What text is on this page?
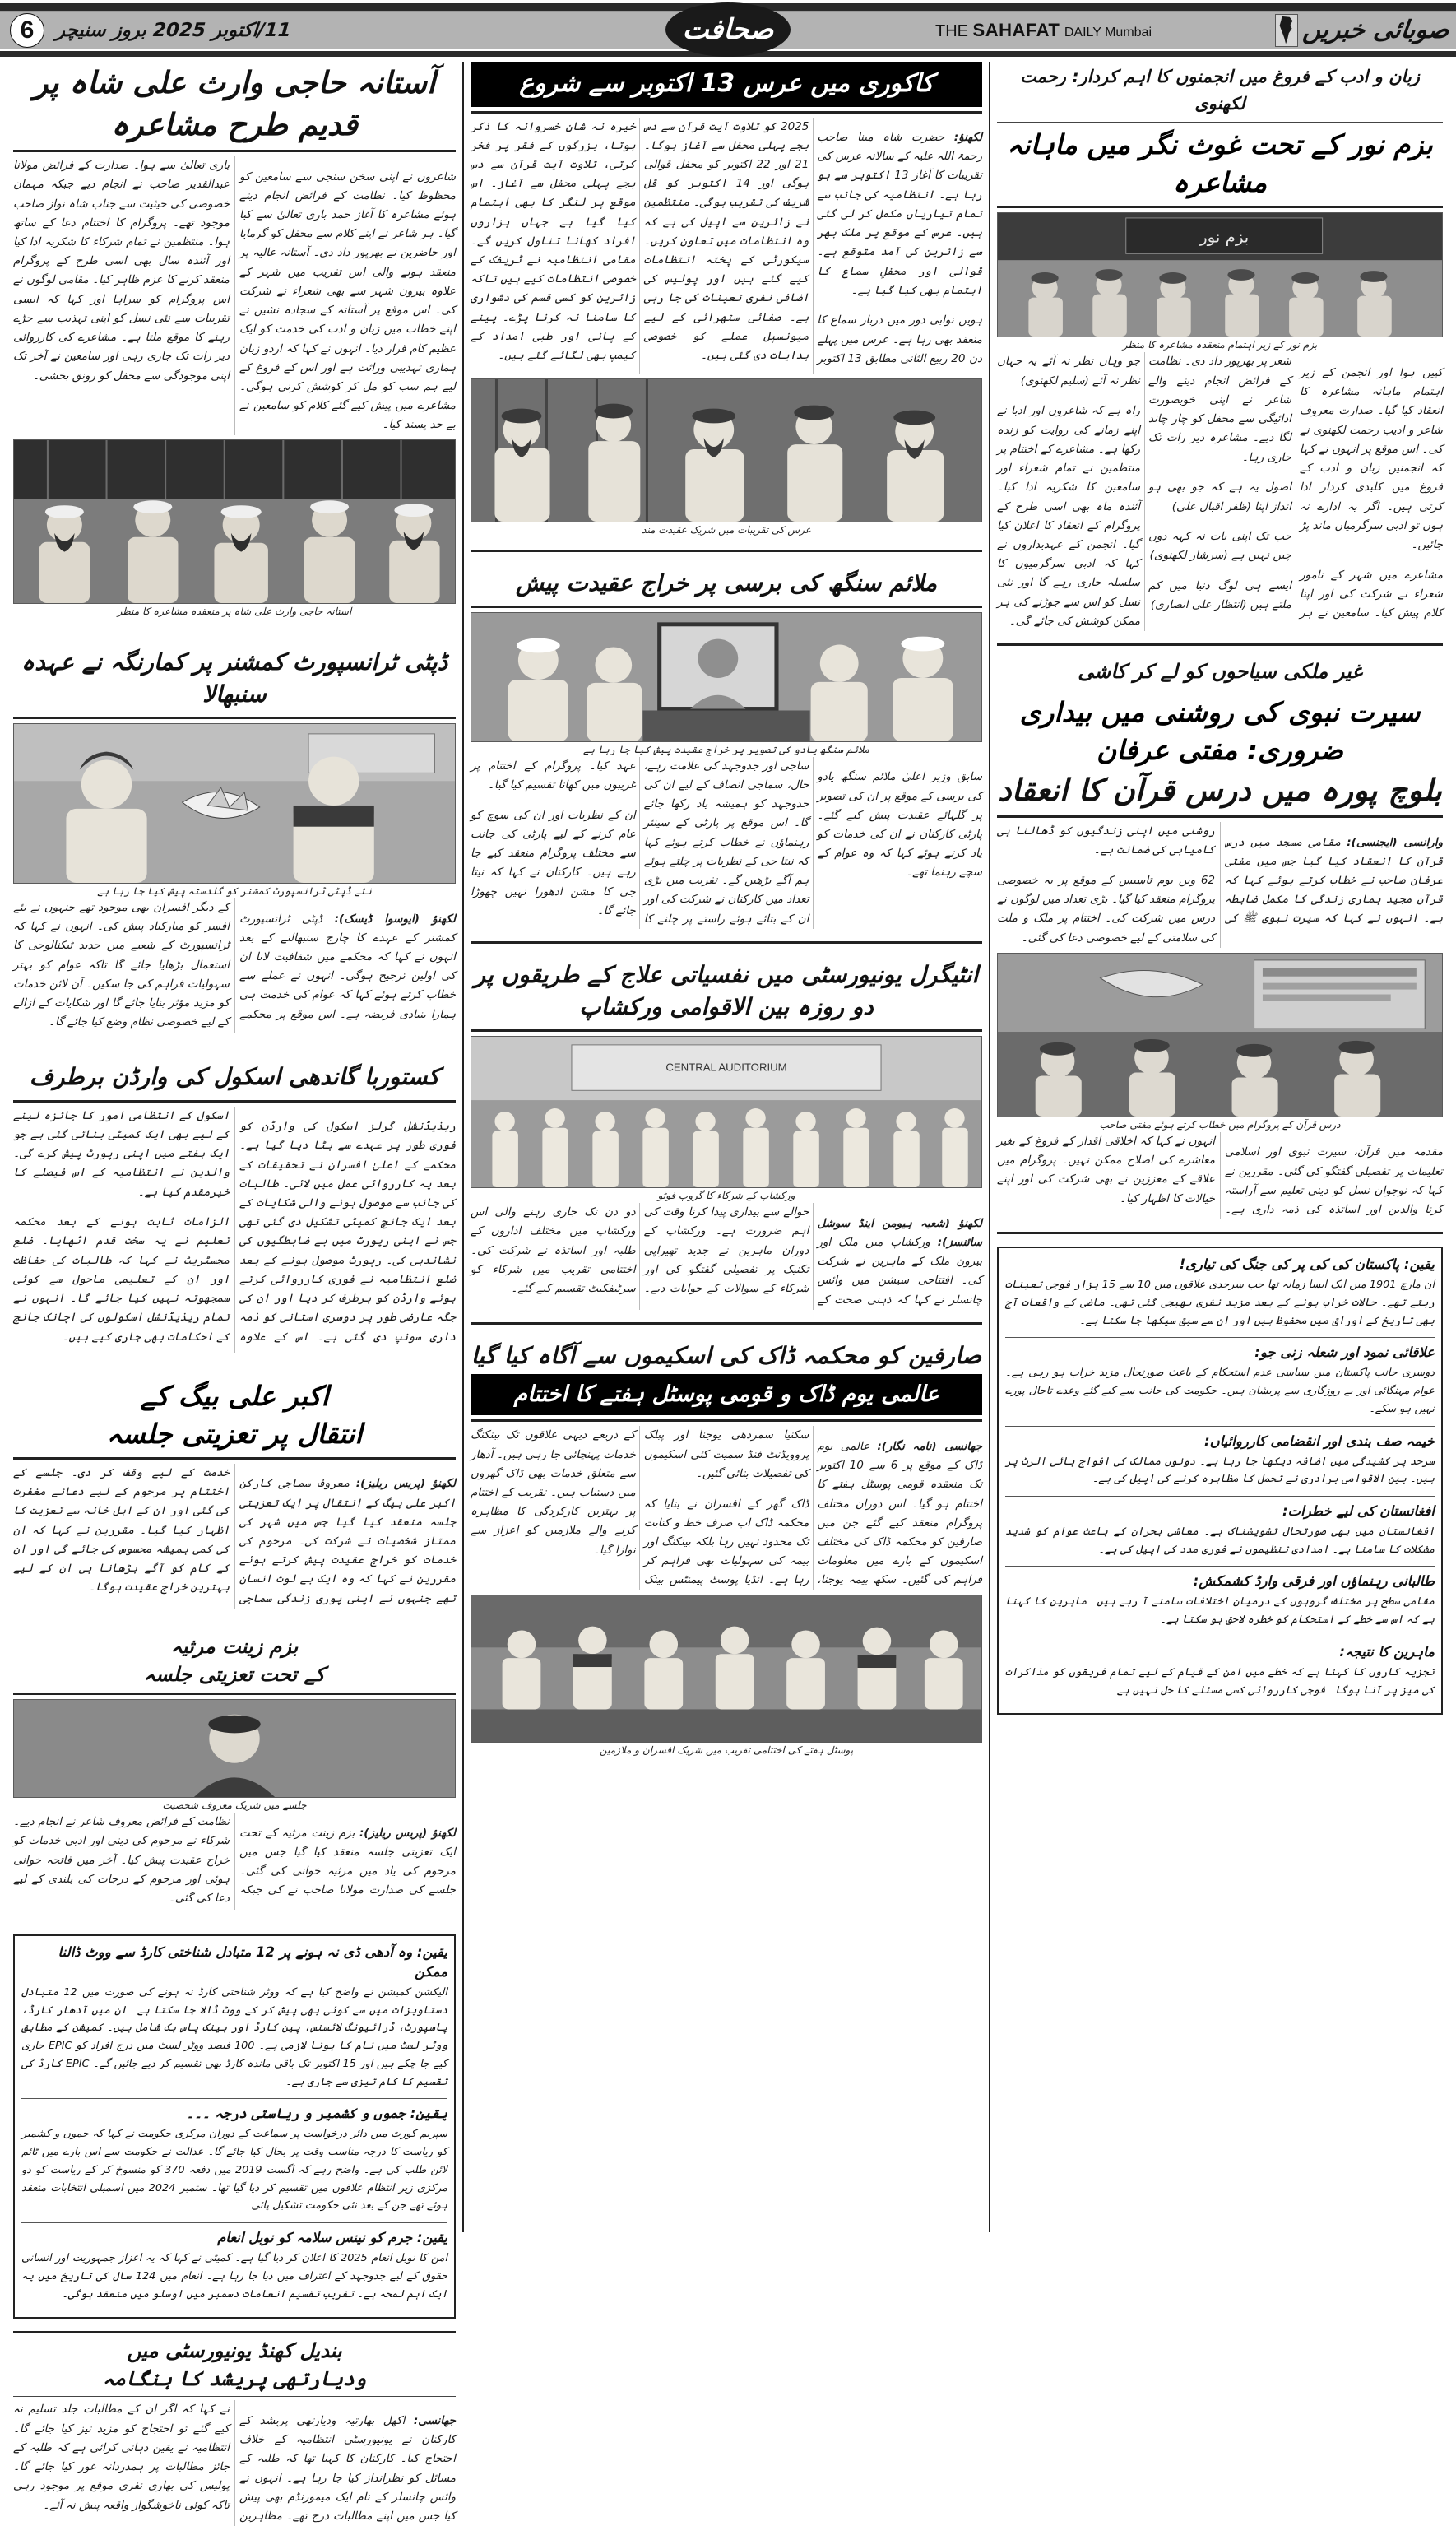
صوبائی خبریں
THE SAHAFAT DAILY Mumbai
صحافت
11/اکتوبر 2025 بروز سنیچر
6
زبان و ادب کے فروغ میں انجمنوں کا اہم کردار: رحمت لکھنوی
بزم نور کے تحت غوث نگر میں ماہانہ مشاعرہ
بزم نور
بزم نور کے زیر اہتمام منعقدہ مشاعرہ کا منظر

کپیں ہوا اور انجمن کے زیر اہتمام ماہانہ مشاعرہ کا انعقاد کیا گیا۔ صدارت معروف شاعر و ادیب رحمت لکھنوی نے کی۔ اس موقع پر انہوں نے کہا کہ انجمنیں زبان و ادب کے فروغ میں کلیدی کردار ادا کرتی ہیں۔ اگر یہ ادارے نہ ہوں تو ادبی سرگرمیاں ماند پڑ جائیں۔

مشاعرے میں شہر کے نامور شعراء نے شرکت کی اور اپنا کلام پیش کیا۔ سامعین نے ہر شعر پر بھرپور داد دی۔ نظامت کے فرائض انجام دینے والے شاعر نے اپنی خوبصورت ادائیگی سے محفل کو چار چاند لگا دیے۔ مشاعرہ دیر رات تک جاری رہا۔

اصول یہ ہے کہ جو بھی ہو انداز اپنا (ظفر اقبال علی)

جب تک اپنی بات نہ کہہ دوں چین نہیں ہے (سرشار لکھنوی)

ایسے ہی لوگ دنیا میں کم ملتے ہیں (انتظار علی انصاری)

جو وہاں نظر نہ آئے یہ جہاں نظر نہ آئے (سلیم لکھنوی)

راہ ہے کہ شاعروں اور ادبا نے اپنے زمانے کی روایت کو زندہ رکھا ہے۔ مشاعرے کے اختتام پر منتظمین نے تمام شعراء اور سامعین کا شکریہ ادا کیا۔ آئندہ ماہ بھی اسی طرح کے پروگرام کے انعقاد کا اعلان کیا گیا۔ انجمن کے عہدیداروں نے کہا کہ ادبی سرگرمیوں کا سلسلہ جاری رہے گا اور نئی نسل کو اس سے جوڑنے کی ہر ممکن کوشش کی جائے گی۔

غیر ملکی سیاحوں کو لے کر کاشی
سیرت نبوی کی روشنی میں بیداری ضروری: مفتی عرفان
بلوچ پورہ میں درس قرآن کا انعقاد

وارانسی (ایجنسی): مقامی مسجد میں درس قرآن کا انعقاد کیا گیا جس میں مفتی عرفان صاحب نے خطاب کرتے ہوئے کہا کہ قرآن مجید ہماری زندگی کا مکمل ضابطہ ہے۔ انہوں نے کہا کہ سیرت نبوی ﷺ کی روشنی میں اپنی زندگیوں کو ڈھالنا ہی کامیابی کی ضمانت ہے۔

62 ویں یوم تاسیس کے موقع پر یہ خصوصی پروگرام منعقد کیا گیا۔ بڑی تعداد میں لوگوں نے درس میں شرکت کی۔ اختتام پر ملک و ملت کی سلامتی کے لیے خصوصی دعا کی گئی۔

درس قرآن کے پروگرام میں خطاب کرتے ہوئے مفتی صاحب

مقدمہ میں قرآن، سیرت نبوی اور اسلامی تعلیمات پر تفصیلی گفتگو کی گئی۔ مقررین نے کہا کہ نوجوان نسل کو دینی تعلیم سے آراستہ کرنا والدین اور اساتذہ کی ذمہ داری ہے۔ انہوں نے کہا کہ اخلاقی اقدار کے فروغ کے بغیر معاشرے کی اصلاح ممکن نہیں۔ پروگرام میں علاقے کے معززین نے بھی شرکت کی اور اپنے خیالات کا اظہار کیا۔

یقین: پاکستان کی کی پر کی جنگ کی تیاری!
ان مارچ 1901 میں ایک ایسا زمانہ تھا جب سرحدی علاقوں میں 10 سے 15 ہزار فوجی تعینات رہتے تھے۔ حالات خراب ہونے کے بعد مزید نفری بھیجی گئی تھی۔ ماضی کے واقعات آج بھی تاریخ کے اوراق میں محفوظ ہیں اور ان سے سبق سیکھا جا سکتا ہے۔
علاقائی نمود اور شعلہ زنی جو:
دوسری جانب پاکستان میں سیاسی عدم استحکام کے باعث صورتحال مزید خراب ہو رہی ہے۔ عوام مہنگائی اور بے روزگاری سے پریشان ہیں۔ حکومت کی جانب سے کیے گئے وعدے تاحال پورے نہیں ہو سکے۔
خیمہ صف بندی اور انقضامی کارروائیاں:
سرحد پر کشیدگی میں اضافہ دیکھا جا رہا ہے۔ دونوں ممالک کی افواج ہائی الرٹ پر ہیں۔ بین الاقوامی برادری نے تحمل کا مظاہرہ کرنے کی اپیل کی ہے۔
افغانستان کی لیے خطرات:
افغانستان میں بھی صورتحال تشویشناک ہے۔ معاشی بحران کے باعث عوام کو شدید مشکلات کا سامنا ہے۔ امدادی تنظیموں نے فوری مدد کی اپیل کی ہے۔
طالبانی رہنماؤں اور فرقی وارڈ کشمکش:
مقامی سطح پر مختلف گروہوں کے درمیان اختلافات سامنے آ رہے ہیں۔ ماہرین کا کہنا ہے کہ اس سے خطے کے استحکام کو خطرہ لاحق ہو سکتا ہے۔
ماہرین کا نتیجہ:
تجزیہ کاروں کا کہنا ہے کہ خطے میں امن کے قیام کے لیے تمام فریقوں کو مذاکرات کی میز پر آنا ہوگا۔ فوجی کارروائی کسی مسئلے کا حل نہیں ہے۔
کاکوری میں عرس 13 اکتوبر سے شروع

لکھنؤ: حضرت شاہ مینا صاحب رحمۃ اللہ علیہ کے سالانہ عرس کی تقریبات کا آغاز 13 اکتوبر سے ہو رہا ہے۔ انتظامیہ کی جانب سے تمام تیاریاں مکمل کر لی گئی ہیں۔ عرس کے موقع پر ملک بھر سے زائرین کی آمد متوقع ہے۔ قوالی اور محفلِ سماع کا اہتمام بھی کیا گیا ہے۔

ہویں نوابی دور میں دربار سماع کا منعقد بھی رہا ہے۔ عرس میں پہلے دن 20 ربیع الثانی مطابق 13 اکتوبر 2025 کو تلاوت آیت قرآن سے دس بجے پہلی محفل سے آغاز ہوگا۔ 21 اور 22 اکتوبر کو محفل قوالی ہوگی اور 14 اکتوبر کو قل شریف کی تقریب ہوگی۔ منتظمین نے زائرین سے اپیل کی ہے کہ وہ انتظامات میں تعاون کریں۔ سیکورٹی کے پختہ انتظامات کیے گئے ہیں اور پولیس کی اضافی نفری تعینات کی جا رہی ہے۔ صفائی ستھرائی کے لیے میونسپل عملے کو خصوصی ہدایات دی گئی ہیں۔

خیرہ نہ شانِ خسروانہ کا ذکر ہوتا، بزرگوں کے فقر پر فخر کرتی، تلاوت آیت قرآن سے دس بجے پہلی محفل سے آغاز۔ اس موقع پر لنگر کا بھی اہتمام کیا گیا ہے جہاں ہزاروں افراد کھانا تناول کریں گے۔ مقامی انتظامیہ نے ٹریفک کے خصوصی انتظامات کیے ہیں تاکہ زائرین کو کسی قسم کی دشواری کا سامنا نہ کرنا پڑے۔ پینے کے پانی اور طبی امداد کے کیمپ بھی لگائے گئے ہیں۔

عرس کی تقریبات میں شریک عقیدت مند
ملائم سنگھ کی برسی پر خراج عقیدت پیش
ملائم سنگھ یادو کی تصویر پر خراج عقیدت پیش کیا جا رہا ہے

سابق وزیر اعلیٰ ملائم سنگھ یادو کی برسی کے موقع پر ان کی تصویر پر گلہائے عقیدت پیش کیے گئے۔ پارٹی کارکنان نے ان کی خدمات کو یاد کرتے ہوئے کہا کہ وہ عوام کے سچے رہنما تھے۔

ساجی اور جدوجہد کی علامت رہے، حال، سماجی انصاف کے لیے ان کی جدوجہد کو ہمیشہ یاد رکھا جائے گا۔ اس موقع پر پارٹی کے سینئر رہنماؤں نے خطاب کرتے ہوئے کہا کہ نیتا جی کے نظریات پر چلتے ہوئے ہم آگے بڑھیں گے۔ تقریب میں بڑی تعداد میں کارکنان نے شرکت کی اور ان کے بتائے ہوئے راستے پر چلنے کا عہد کیا۔ پروگرام کے اختتام پر غریبوں میں کھانا تقسیم کیا گیا۔

ان کے نظریات اور ان کی سوچ کو عام کرنے کے لیے پارٹی کی جانب سے مختلف پروگرام منعقد کیے جا رہے ہیں۔ کارکنان نے کہا کہ نیتا جی کا مشن ادھورا نہیں چھوڑا جائے گا۔

انٹیگرل یونیورسٹی میں نفسیاتی علاج کے طریقوں پر دو روزہ بین الاقوامی ورکشاپ
CENTRAL AUDITORIUM
ورکشاپ کے شرکاء کا گروپ فوٹو

لکھنؤ (شعبہ ہیومن اینڈ سوشل سائنسز): ورکشاپ میں ملک اور بیرون ملک کے ماہرین نے شرکت کی۔ افتتاحی سیشن میں وائس چانسلر نے کہا کہ ذہنی صحت کے حوالے سے بیداری پیدا کرنا وقت کی اہم ضرورت ہے۔ ورکشاپ کے دوران ماہرین نے جدید تھیراپی تکنیک پر تفصیلی گفتگو کی اور شرکاء کے سوالات کے جوابات دیے۔ دو دن تک جاری رہنے والی اس ورکشاپ میں مختلف اداروں کے طلبہ اور اساتذہ نے شرکت کی۔ اختتامی تقریب میں شرکاء کو سرٹیفکیٹ تقسیم کیے گئے۔

صارفین کو محکمہ ڈاک کی اسکیموں سے آگاہ کیا گیا
عالمی یوم ڈاک و قومی پوسٹل ہفتے کا اختتام

جھانسی (نامہ نگار): عالمی یوم ڈاک کے موقع پر 6 سے 10 اکتوبر تک منعقدہ قومی پوسٹل ہفتے کا اختتام ہو گیا۔ اس دوران مختلف پروگرام منعقد کیے گئے جن میں صارفین کو محکمہ ڈاک کی مختلف اسکیموں کے بارے میں معلومات فراہم کی گئیں۔ سکھ بیمہ یوجنا، سکنیا سمردھی یوجنا اور پبلک پروویڈنٹ فنڈ سمیت کئی اسکیموں کی تفصیلات بتائی گئیں۔

ڈاک گھر کے افسران نے بتایا کہ محکمہ ڈاک اب صرف خط و کتابت تک محدود نہیں رہا بلکہ بینکنگ اور بیمہ کی سہولیات بھی فراہم کر رہا ہے۔ انڈیا پوسٹ پیمنٹس بینک کے ذریعے دیہی علاقوں تک بینکنگ خدمات پہنچائی جا رہی ہیں۔ آدھار سے متعلق خدمات بھی ڈاک گھروں میں دستیاب ہیں۔ تقریب کے اختتام پر بہترین کارکردگی کا مظاہرہ کرنے والے ملازمین کو اعزاز سے نوازا گیا۔

پوسٹل ہفتے کی اختتامی تقریب میں شریک افسران و ملازمین
آستانہ حاجی وارث علی شاہ پر قدیم طرح مشاعرہ

شاعروں نے اپنی سخن سنجی سے سامعین کو محظوظ کیا۔ نظامت کے فرائض انجام دیتے ہوئے مشاعرہ کا آغاز حمد باری تعالیٰ سے کیا گیا۔ ہر شاعر نے اپنے کلام سے محفل کو گرمایا اور حاضرین نے بھرپور داد دی۔ آستانہ عالیہ پر منعقد ہونے والی اس تقریب میں شہر کے علاوہ بیرون شہر سے بھی شعراء نے شرکت کی۔ اس موقع پر آستانہ کے سجادہ نشیں نے اپنے خطاب میں زبان و ادب کی خدمت کو ایک عظیم کام قرار دیا۔ انہوں نے کہا کہ اردو زبان ہماری تہذیبی وراثت ہے اور اس کے فروغ کے لیے ہم سب کو مل کر کوشش کرنی ہوگی۔ مشاعرے میں پیش کیے گئے کلام کو سامعین نے بے حد پسند کیا۔

باری تعالیٰ سے ہوا۔ صدارت کے فرائض مولانا عبدالقدیر صاحب نے انجام دیے جبکہ مہمان خصوصی کی حیثیت سے جناب شاہ نواز صاحب موجود تھے۔ پروگرام کا اختتام دعا کے ساتھ ہوا۔ منتظمین نے تمام شرکاء کا شکریہ ادا کیا اور آئندہ سال بھی اسی طرح کے پروگرام منعقد کرنے کا عزم ظاہر کیا۔ مقامی لوگوں نے اس پروگرام کو سراہا اور کہا کہ ایسی تقریبات سے نئی نسل کو اپنی تہذیب سے جڑے رہنے کا موقع ملتا ہے۔ مشاعرے کی کارروائی دیر رات تک جاری رہی اور سامعین نے آخر تک اپنی موجودگی سے محفل کو رونق بخشی۔

آستانہ حاجی وارث علی شاہ پر منعقدہ مشاعرہ کا منظر
ڈپٹی ٹرانسپورٹ کمشنر پر کمارنگہ نے عہدہ سنبھالا
نئے ڈپٹی ٹرانسپورٹ کمشنر کو گلدستہ پیش کیا جا رہا ہے

لکھنؤ (ایوسوا ڈیسک): ڈپٹی ٹرانسپورٹ کمشنر کے عہدے کا چارج سنبھالنے کے بعد انہوں نے کہا کہ محکمے میں شفافیت لانا ان کی اولین ترجیح ہوگی۔ انہوں نے عملے سے خطاب کرتے ہوئے کہا کہ عوام کی خدمت ہی ہمارا بنیادی فریضہ ہے۔ اس موقع پر محکمے کے دیگر افسران بھی موجود تھے جنہوں نے نئے افسر کو مبارکباد پیش کی۔ انہوں نے کہا کہ ٹرانسپورٹ کے شعبے میں جدید ٹیکنالوجی کا استعمال بڑھایا جائے گا تاکہ عوام کو بہتر سہولیات فراہم کی جا سکیں۔ آن لائن خدمات کو مزید مؤثر بنایا جائے گا اور شکایات کے ازالے کے لیے خصوصی نظام وضع کیا جائے گا۔

کستوربا گاندھی اسکول کی وارڈن برطرف

ریذیڈنشل گرلز اسکول کی وارڈن کو فوری طور پر عہدے سے ہٹا دیا گیا ہے۔ محکمے کے اعلیٰ افسران نے تحقیقات کے بعد یہ کارروائی عمل میں لائی۔ طالبات کی جانب سے موصول ہونے والی شکایات کے بعد ایک جانچ کمیٹی تشکیل دی گئی تھی جس نے اپنی رپورٹ میں بے ضابطگیوں کی نشاندہی کی۔ رپورٹ موصول ہونے کے بعد ضلع انتظامیہ نے فوری کارروائی کرتے ہوئے وارڈن کو برطرف کر دیا اور ان کی جگہ عارضی طور پر دوسری استانی کو ذمہ داری سونپ دی گئی ہے۔ اس کے علاوہ اسکول کے انتظامی امور کا جائزہ لینے کے لیے بھی ایک کمیٹی بنائی گئی ہے جو ایک ہفتے میں اپنی رپورٹ پیش کرے گی۔ والدین نے انتظامیہ کے اس فیصلے کا خیرمقدم کیا ہے۔

الزامات ثابت ہونے کے بعد محکمہ تعلیم نے یہ سخت قدم اٹھایا۔ ضلع مجسٹریٹ نے کہا کہ طالبات کی حفاظت اور ان کے تعلیمی ماحول سے کوئی سمجھوتہ نہیں کیا جائے گا۔ انہوں نے تمام ریذیڈنشل اسکولوں کی اچانک جانچ کے احکامات بھی جاری کیے ہیں۔

اکبر علی بیگ کے
انتقال پر تعزیتی جلسہ

لکھنؤ (پریس ریلیز): معروف سماجی کارکن اکبر علی بیگ کے انتقال پر ایک تعزیتی جلسہ منعقد کیا گیا جس میں شہر کی ممتاز شخصیات نے شرکت کی۔ مرحوم کی خدمات کو خراج عقیدت پیش کرتے ہوئے مقررین نے کہا کہ وہ ایک بے لوث انسان تھے جنہوں نے اپنی پوری زندگی سماجی خدمت کے لیے وقف کر دی۔ جلسے کے اختتام پر مرحوم کے لیے دعائے مغفرت کی گئی اور ان کے اہل خانہ سے تعزیت کا اظہار کیا گیا۔ مقررین نے کہا کہ ان کی کمی ہمیشہ محسوس کی جائے گی اور ان کے کام کو آگے بڑھانا ہی ان کے لیے بہترین خراج عقیدت ہوگا۔

بزم زینت مرثیہ
کے تحت تعزیتی جلسہ
جلسے میں شریک معروف شخصیت

لکھنؤ (پریس ریلیز): بزم زینت مرثیہ کے تحت ایک تعزیتی جلسہ منعقد کیا گیا جس میں مرحوم کی یاد میں مرثیہ خوانی کی گئی۔ جلسے کی صدارت مولانا صاحب نے کی جبکہ نظامت کے فرائض معروف شاعر نے انجام دیے۔ شرکاء نے مرحوم کی دینی اور ادبی خدمات کو خراج عقیدت پیش کیا۔ آخر میں فاتحہ خوانی ہوئی اور مرحوم کے درجات کی بلندی کے لیے دعا کی گئی۔

یقین: وہ آدھی ڈی نہ ہونے پر 12 متبادل شناختی کارڈ سے ووٹ ڈالنا ممکن
الیکشن کمیشن نے واضح کیا ہے کہ ووٹر شناختی کارڈ نہ ہونے کی صورت میں 12 متبادل دستاویزات میں سے کوئی بھی پیش کر کے ووٹ ڈالا جا سکتا ہے۔ ان میں آدھار کارڈ، پاسپورٹ، ڈرائیونگ لائسنس، پین کارڈ اور بینک پاس بک شامل ہیں۔ کمیشن کے مطابق ووٹر لسٹ میں نام کا ہونا لازمی ہے۔ 100 فیصد ووٹر لسٹ میں درج افراد کو EPIC جاری کیے جا چکے ہیں اور 15 اکتوبر تک باقی ماندہ کارڈ بھی تقسیم کر دیے جائیں گے۔ EPIC کارڈ کی تقسیم کا کام تیزی سے جاری ہے۔
یقین: جموں و کشمیر و ریاستی درجہ ۔۔۔
سپریم کورٹ میں دائر درخواست پر سماعت کے دوران مرکزی حکومت نے کہا کہ جموں و کشمیر کو ریاست کا درجہ مناسب وقت پر بحال کیا جائے گا۔ عدالت نے حکومت سے اس بارے میں ٹائم لائن طلب کی ہے۔ واضح رہے کہ اگست 2019 میں دفعہ 370 کو منسوخ کر کے ریاست کو دو مرکزی زیر انتظام علاقوں میں تقسیم کر دیا گیا تھا۔ ستمبر 2024 میں اسمبلی انتخابات منعقد ہوئے تھے جن کے بعد نئی حکومت تشکیل پائی۔
یقین: جرم کو نینس سلامہ کو نوبل انعام
امن کا نوبل انعام 2025 کا اعلان کر دیا گیا ہے۔ کمیٹی نے کہا کہ یہ اعزاز جمہوریت اور انسانی حقوق کے لیے جدوجہد کے اعتراف میں دیا جا رہا ہے۔ انعام میں 124 سال کی تاریخ میں یہ ایک اہم لمحہ ہے۔ تقریب تقسیم انعامات دسمبر میں اوسلو میں منعقد ہوگی۔
بندیل کھنڈ یونیورسٹی میں
ودیارتھی پریشد کا ہنگامہ

جھانسی: اکھل بھارتیہ ودیارتھی پریشد کے کارکنان نے یونیورسٹی انتظامیہ کے خلاف احتجاج کیا۔ کارکنان کا کہنا تھا کہ طلبہ کے مسائل کو نظرانداز کیا جا رہا ہے۔ انہوں نے وائس چانسلر کے نام ایک میمورنڈم بھی پیش کیا جس میں اپنے مطالبات درج تھے۔ مظاہرین نے کہا کہ اگر ان کے مطالبات جلد تسلیم نہ کیے گئے تو احتجاج کو مزید تیز کیا جائے گا۔ انتظامیہ نے یقین دہانی کرائی ہے کہ طلبہ کے جائز مطالبات پر ہمدردانہ غور کیا جائے گا۔ پولیس کی بھاری نفری موقع پر موجود رہی تاکہ کوئی ناخوشگوار واقعہ پیش نہ آئے۔
